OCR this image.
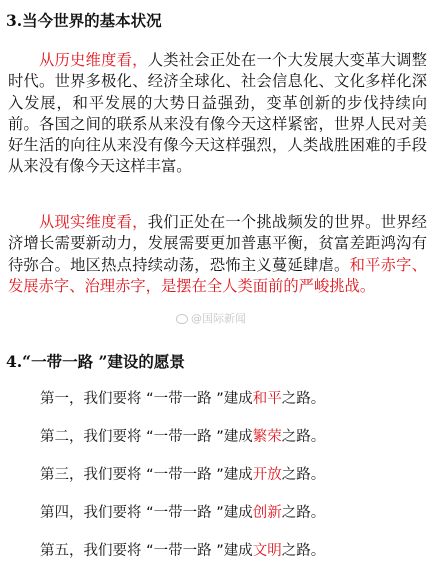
3.当今世界的基本状况
从历史维度看，人类社会正处在一个大发展大变革大调整时代。世界多极化、经济全球化、社会信息化、文化多样化深入发展，和平发展的大势日益强劲，变革创新的步伐持续向前。各国之间的联系从来没有像今天这样紧密，世界人民对美好生活的向往从来没有像今天这样强烈，人类战胜困难的手段从来没有像今天这样丰富。
从现实维度看，我们正处在一个挑战频发的世界。世界经济增长需要新动力，发展需要更加普惠平衡，贫富差距鸿沟有待弥合。地区热点持续动荡，恐怖主义蔓延肆虐。和平赤字、发展赤字、治理赤字，是摆在全人类面前的严峻挑战。
@国际新闻
4.“一带一路 ”建设的愿景
第一，我们要将 “一带一路 ”建成和平之路。
第二，我们要将 “一带一路 ”建成繁荣之路。
第三，我们要将 “一带一路 ”建成开放之路。
第四，我们要将 “一带一路 ”建成创新之路。
第五，我们要将 “一带一路 ”建成文明之路。
